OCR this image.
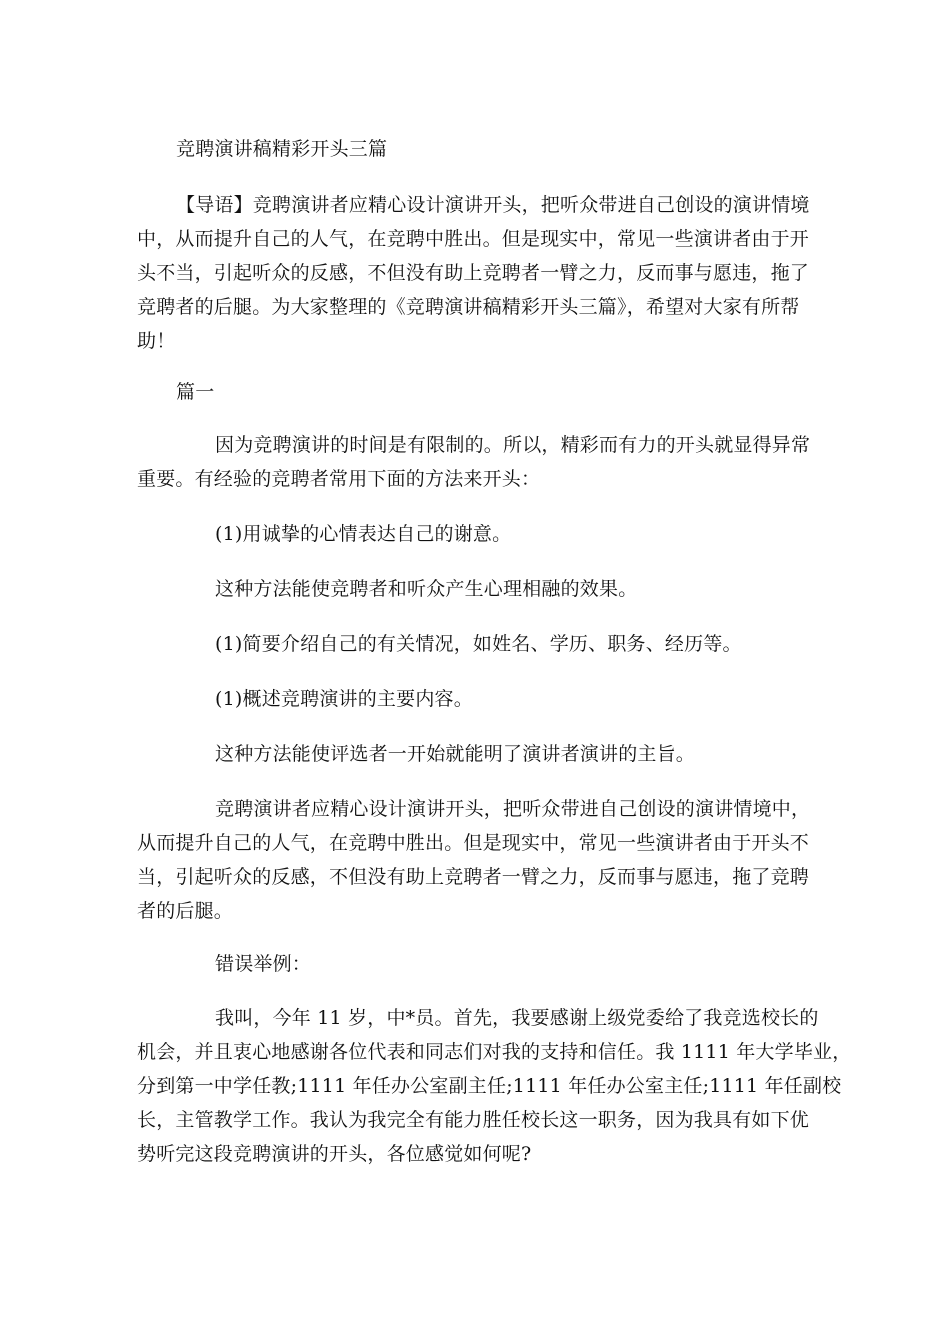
竞聘演讲稿精彩开头三篇
【导语】竞聘演讲者应精心设计演讲开头，把听众带进自己创设的演讲情境
中，从而提升自己的人气，在竞聘中胜出。但是现实中，常见一些演讲者由于开
头不当，引起听众的反感，不但没有助上竞聘者一臂之力，反而事与愿违，拖了
竞聘者的后腿。为大家整理的《竞聘演讲稿精彩开头三篇》，希望对大家有所帮
助！
篇一
因为竞聘演讲的时间是有限制的。所以，精彩而有力的开头就显得异常
重要。有经验的竞聘者常用下面的方法来开头：
(1)用诚挚的心情表达自己的谢意。
这种方法能使竞聘者和听众产生心理相融的效果。
(1)简要介绍自己的有关情况，如姓名、学历、职务、经历等。
(1)概述竞聘演讲的主要内容。
这种方法能使评选者一开始就能明了演讲者演讲的主旨。
竞聘演讲者应精心设计演讲开头，把听众带进自己创设的演讲情境中，
从而提升自己的人气，在竞聘中胜出。但是现实中，常见一些演讲者由于开头不
当，引起听众的反感，不但没有助上竞聘者一臂之力，反而事与愿违，拖了竞聘
者的后腿。
错误举例：
我叫，今年 11 岁，中*员。首先，我要感谢上级党委给了我竞选校长的
机会，并且衷心地感谢各位代表和同志们对我的支持和信任。我 1111 年大学毕业，
分到第一中学任教;1111 年任办公室副主任;1111 年任办公室主任;1111 年任副校
长，主管教学工作。我认为我完全有能力胜任校长这一职务，因为我具有如下优
势听完这段竞聘演讲的开头，各位感觉如何呢?
